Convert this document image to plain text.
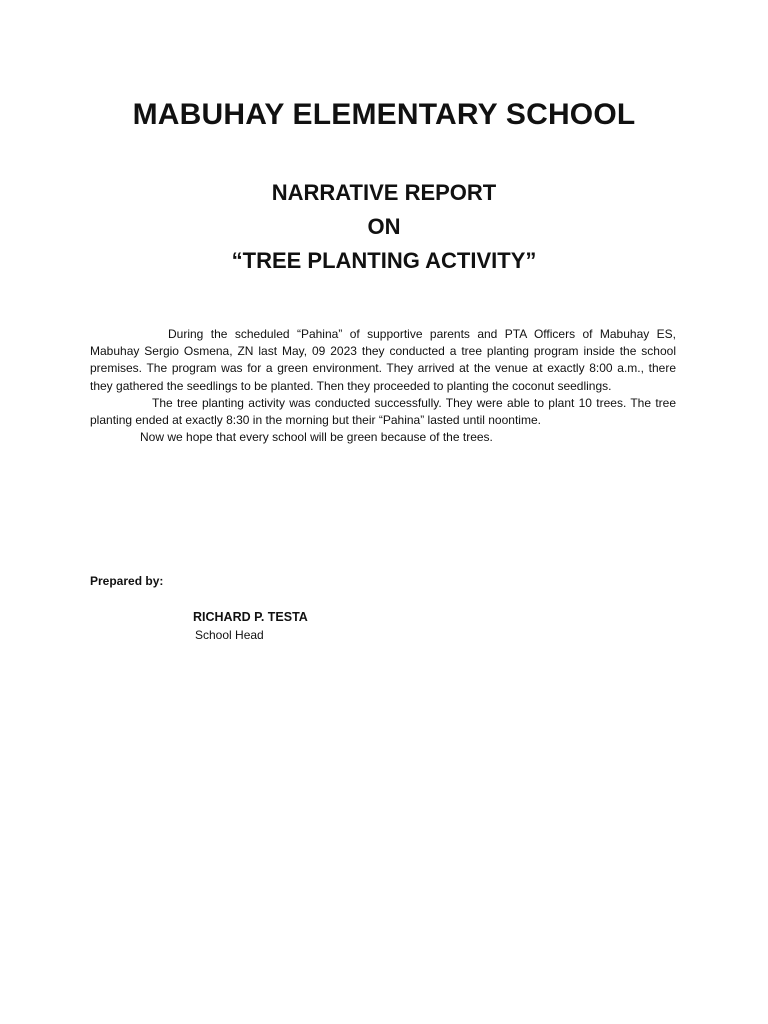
MABUHAY ELEMENTARY SCHOOL
NARRATIVE REPORT
ON
“TREE PLANTING ACTIVITY”

During the scheduled “Pahina” of supportive parents and PTA Officers of Mabuhay ES, Mabuhay Sergio Osmena, ZN last May, 09 2023 they conducted a tree planting program inside the school premises. The program was for a green environment. They arrived at the venue at exactly 8:00 a.m., there they gathered the seedlings to be planted. Then they proceeded to planting the coconut seedlings.

The tree planting activity was conducted successfully. They were able to plant 10 trees. The tree planting ended at exactly 8:30 in the morning but their “Pahina” lasted until noontime.

Now we hope that every school will be green because of the trees.

Prepared by:
RICHARD P. TESTA
School Head
